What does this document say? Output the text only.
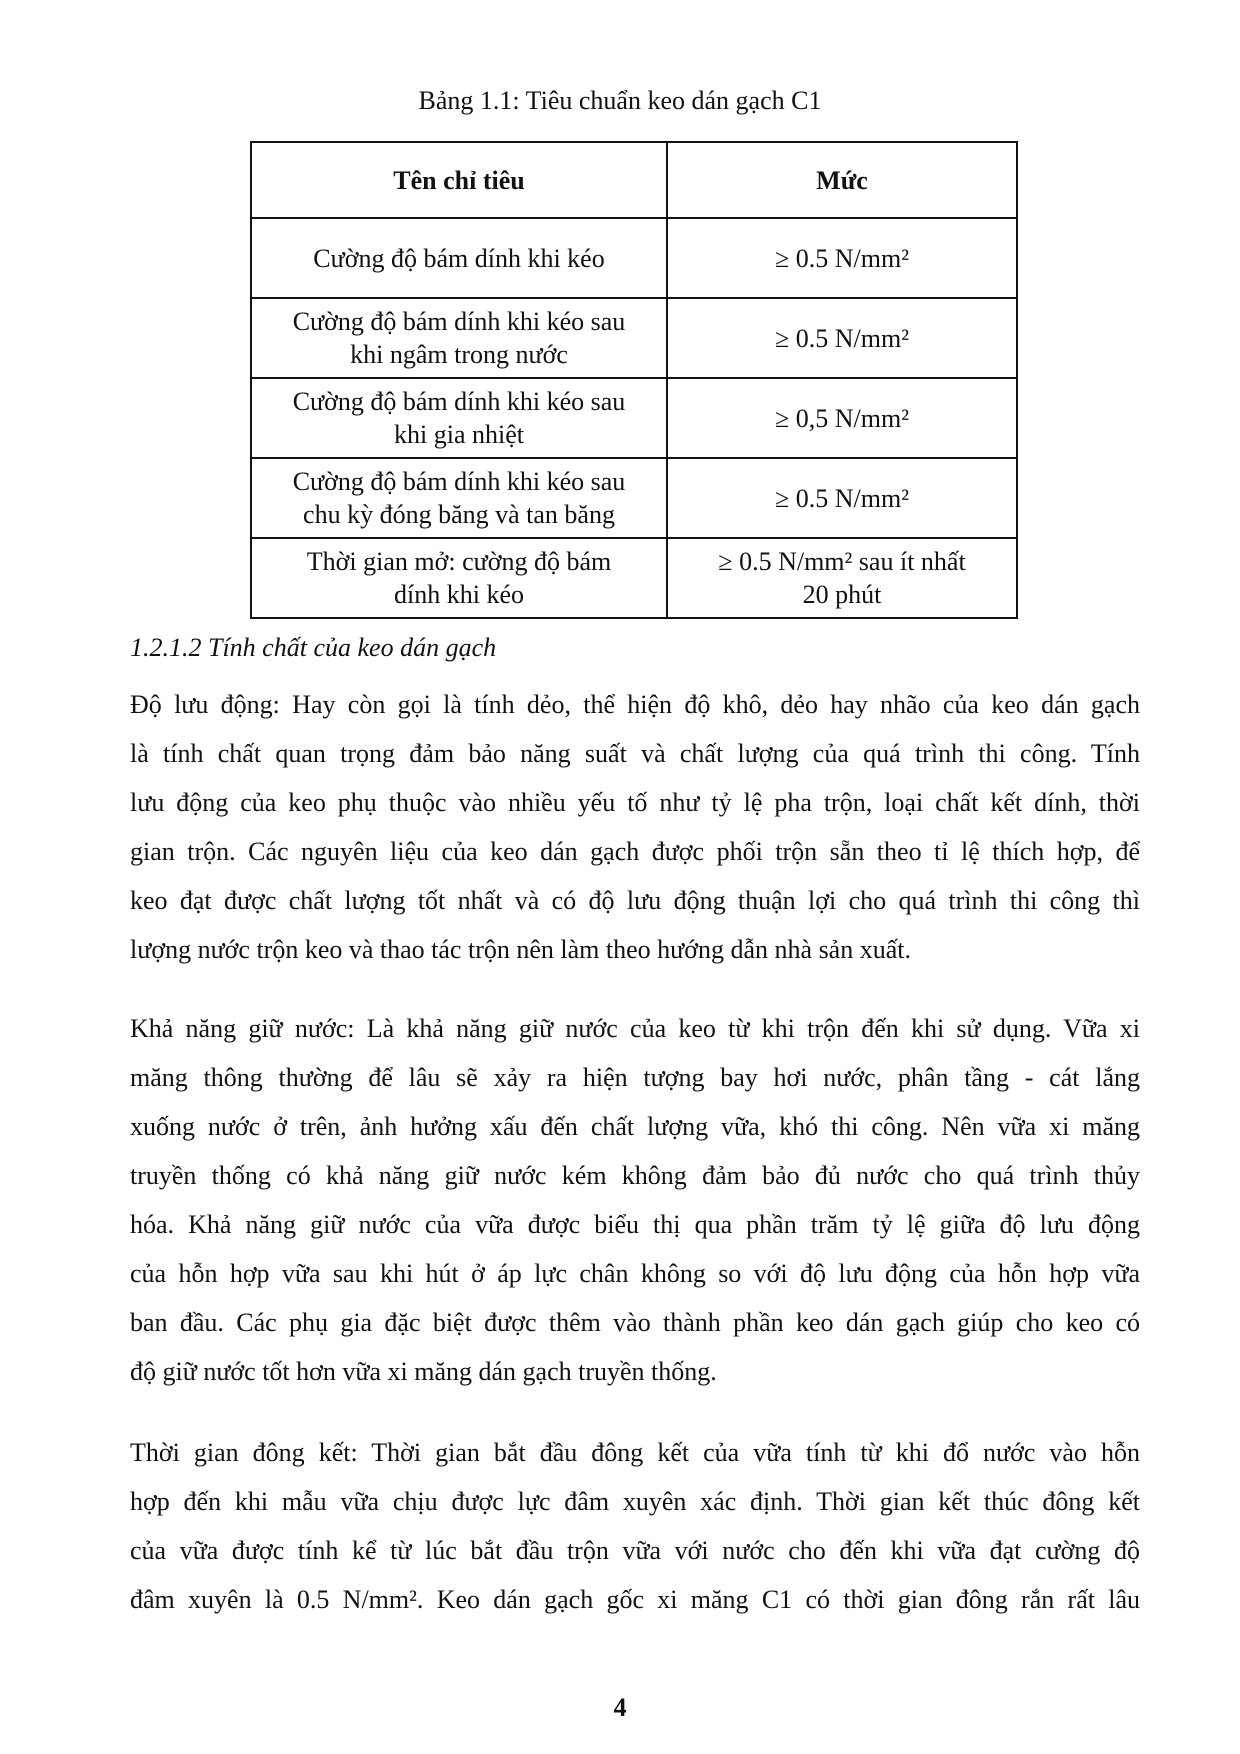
Bảng 1.1: Tiêu chuẩn keo dán gạch C1
Tên chỉ tiêu	Mức

Cường độ bám dính khi kéo	≥ 0.5 N/mm²

Cường độ bám dính khi kéo sau
khi ngâm trong nước	≥ 0.5 N/mm²

Cường độ bám dính khi kéo sau
khi gia nhiệt	≥ 0,5 N/mm²

Cường độ bám dính khi kéo sau
chu kỳ đóng băng và tan băng	≥ 0.5 N/mm²

Thời gian mở: cường độ bám
dính khi kéo	≥ 0.5 N/mm² sau ít nhất
20 phút
1.2.1.2 Tính chất của keo dán gạch
Độ lưu động: Hay còn gọi là tính dẻo, thể hiện độ khô, dẻo hay nhão của keo dán gạch
là tính chất quan trọng đảm bảo năng suất và chất lượng của quá trình thi công. Tính
lưu động của keo phụ thuộc vào nhiều yếu tố như tỷ lệ pha trộn, loại chất kết dính, thời
gian trộn. Các nguyên liệu của keo dán gạch được phối trộn sẵn theo tỉ lệ thích hợp, để
keo đạt được chất lượng tốt nhất và có độ lưu động thuận lợi cho quá trình thi công thì
lượng nước trộn keo và thao tác trộn nên làm theo hướng dẫn nhà sản xuất.
Khả năng giữ nước: Là khả năng giữ nước của keo từ khi trộn đến khi sử dụng. Vữa xi
măng thông thường để lâu sẽ xảy ra hiện tượng bay hơi nước, phân tầng - cát lắng
xuống nước ở trên, ảnh hưởng xấu đến chất lượng vữa, khó thi công. Nên vữa xi măng
truyền thống có khả năng giữ nước kém không đảm bảo đủ nước cho quá trình thủy
hóa. Khả năng giữ nước của vữa được biểu thị qua phần trăm tỷ lệ giữa độ lưu động
của hỗn hợp vữa sau khi hút ở áp lực chân không so với độ lưu động của hỗn hợp vữa
ban đầu. Các phụ gia đặc biệt được thêm vào thành phần keo dán gạch giúp cho keo có
độ giữ nước tốt hơn vữa xi măng dán gạch truyền thống.
Thời gian đông kết: Thời gian bắt đầu đông kết của vữa tính từ khi đổ nước vào hỗn
hợp đến khi mẫu vữa chịu được lực đâm xuyên xác định. Thời gian kết thúc đông kết
của vữa được tính kể từ lúc bắt đầu trộn vữa với nước cho đến khi vữa đạt cường độ
đâm xuyên là 0.5 N/mm². Keo dán gạch gốc xi măng C1 có thời gian đông rắn rất lâu
4
